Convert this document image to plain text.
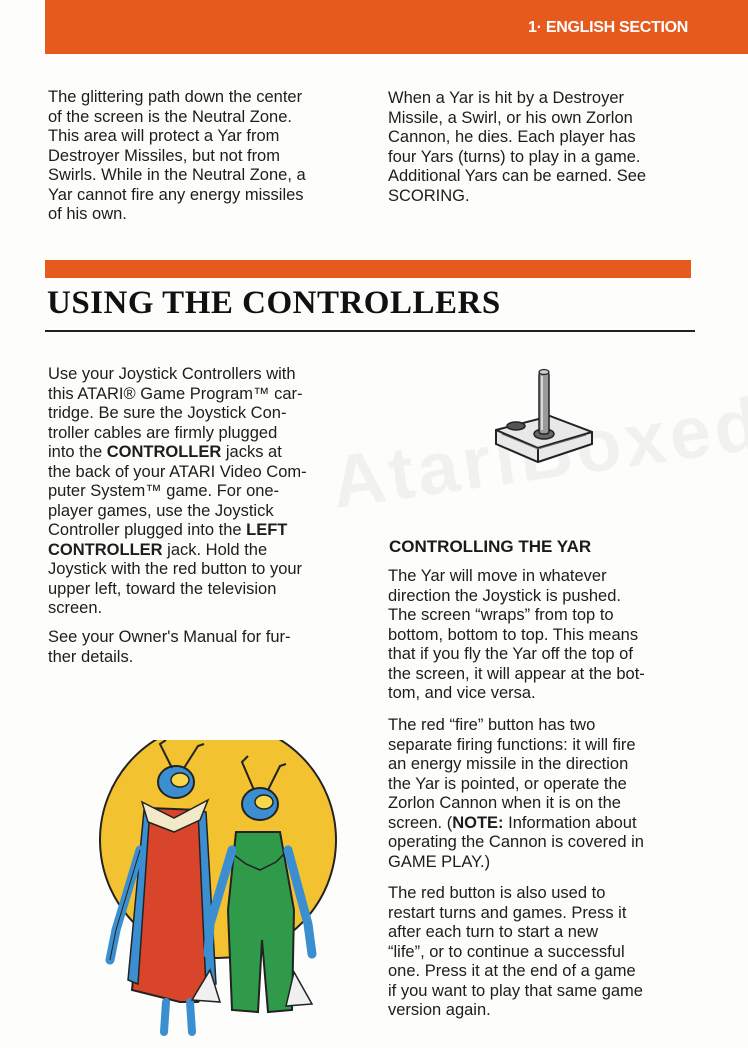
1· ENGLISH SECTION

The glittering path down the center
of the screen is the Neutral Zone.
This area will protect a Yar from
Destroyer Missiles, but not from
Swirls. While in the Neutral Zone, a
Yar cannot fire any energy missiles
of his own.

When a Yar is hit by a Destroyer
Missile, a Swirl, or his own Zorlon
Cannon, he dies. Each player has
four Yars (turns) to play in a game.
Additional Yars can be earned. See
SCORING.

USING THE CONTROLLERS

Use your Joystick Controllers with
this ATARI® Game Program™ car-
tridge. Be sure the Joystick Con-
troller cables are firmly plugged
into the CONTROLLER jacks at
the back of your ATARI Video Com-
puter System™ game. For one-
player games, use the Joystick
Controller plugged into the LEFT
CONTROLLER jack. Hold the
Joystick with the red button to your
upper left, toward the television
screen.

See your Owner's Manual for fur-
ther details.

CONTROLLING THE YAR

The Yar will move in whatever
direction the Joystick is pushed.
The screen “wraps” from top to
bottom, bottom to top. This means
that if you fly the Yar off the top of
the screen, it will appear at the bot-
tom, and vice versa.

The red “fire” button has two
separate firing functions: it will fire
an energy missile in the direction
the Yar is pointed, or operate the
Zorlon Cannon when it is on the
screen. (NOTE: Information about
operating the Cannon is covered in
GAME PLAY.)

The red button is also used to
restart turns and games. Press it
after each turn to start a new
“life”, or to continue a successful
one. Press it at the end of a game
if you want to play that same game
version again.
